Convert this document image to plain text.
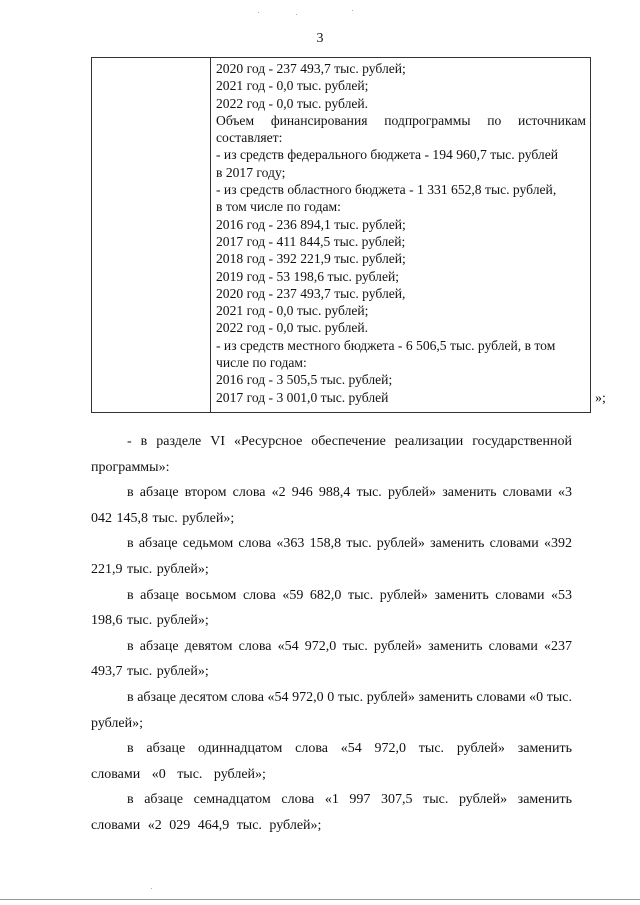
3
2020 год - 237 493,7 тыс. рублей;
2021 год - 0,0 тыс. рублей;
2022 год - 0,0 тыс. рублей.
Объем финансирования подпрограммы по источникам
составляет:
- из средств федерального бюджета - 194 960,7 тыс. рублей
в 2017 году;
- из средств областного бюджета - 1 331 652,8 тыс. рублей,
в том числе по годам:
2016 год - 236 894,1 тыс. рублей;
2017 год - 411 844,5 тыс. рублей;
2018 год - 392 221,9 тыс. рублей;
2019 год - 53 198,6 тыс. рублей;
2020 год - 237 493,7 тыс. рублей,
2021 год - 0,0 тыс. рублей;
2022 год - 0,0 тыс. рублей.
- из средств местного бюджета - 6 506,5 тыс. рублей, в том
числе по годам:
2016 год - 3 505,5 тыс. рублей;
2017 год - 3 001,0 тыс. рублей	»;

- в разделе VI «Ресурсное обеспечение реализации государственной программы»:

в абзаце втором слова «2 946 988,4 тыс. рублей» заменить словами «3 042 145,8 тыс. рублей»;

в абзаце седьмом слова «363 158,8 тыс. рублей» заменить словами «392 221,9 тыс. рублей»;

в абзаце восьмом слова «59 682,0 тыс. рублей» заменить словами «53 198,6 тыс. рублей»;

в абзаце девятом слова «54 972,0 тыс. рублей» заменить словами «237 493,7 тыс. рублей»;

в абзаце десятом слова «54 972,0 0 тыс. рублей» заменить словами «0 тыс. рублей»;

в абзаце одиннадцатом слова «54 972,0 тыс. рублей» заменить словами «0 тыс. рублей»;

в абзаце семнадцатом слова «1 997 307,5 тыс. рублей» заменить словами «2 029 464,9 тыс. рублей»;
